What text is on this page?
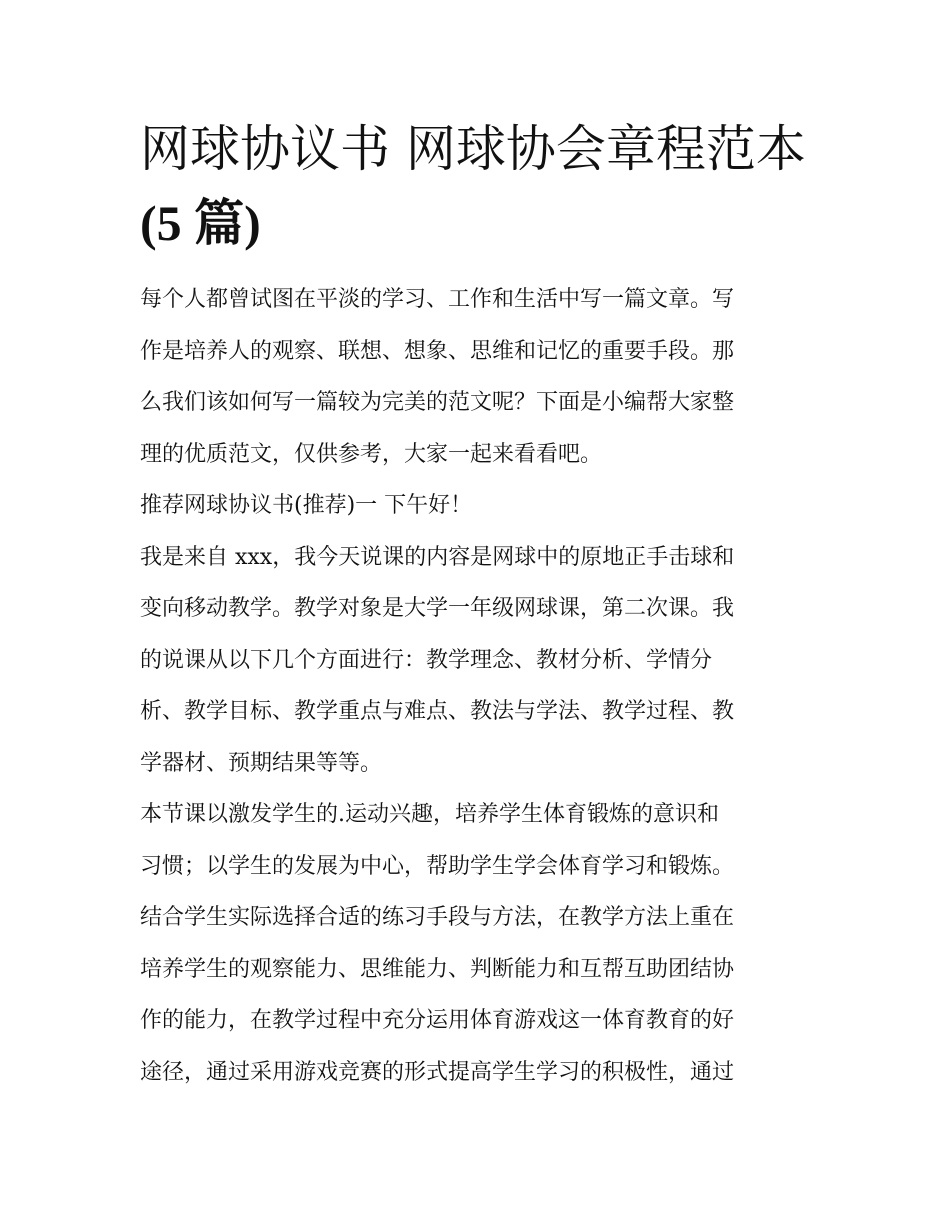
网球协议书 网球协会章程范本
(5 篇)
每个人都曾试图在平淡的学习、工作和生活中写一篇文章。写
作是培养人的观察、联想、想象、思维和记忆的重要手段。那
么我们该如何写一篇较为完美的范文呢？下面是小编帮大家整
理的优质范文，仅供参考，大家一起来看看吧。
推荐网球协议书(推荐)一 下午好！
我是来自 xxx，我今天说课的内容是网球中的原地正手击球和
变向移动教学。教学对象是大学一年级网球课，第二次课。我
的说课从以下几个方面进行：教学理念、教材分析、学情分
析、教学目标、教学重点与难点、教法与学法、教学过程、教
学器材、预期结果等等。
本节课以激发学生的.运动兴趣，培养学生体育锻炼的意识和
习惯；以学生的发展为中心，帮助学生学会体育学习和锻炼。
结合学生实际选择合适的练习手段与方法，在教学方法上重在
培养学生的观察能力、思维能力、判断能力和互帮互助团结协
作的能力，在教学过程中充分运用体育游戏这一体育教育的好
途径，通过采用游戏竞赛的形式提高学生学习的积极性，通过
